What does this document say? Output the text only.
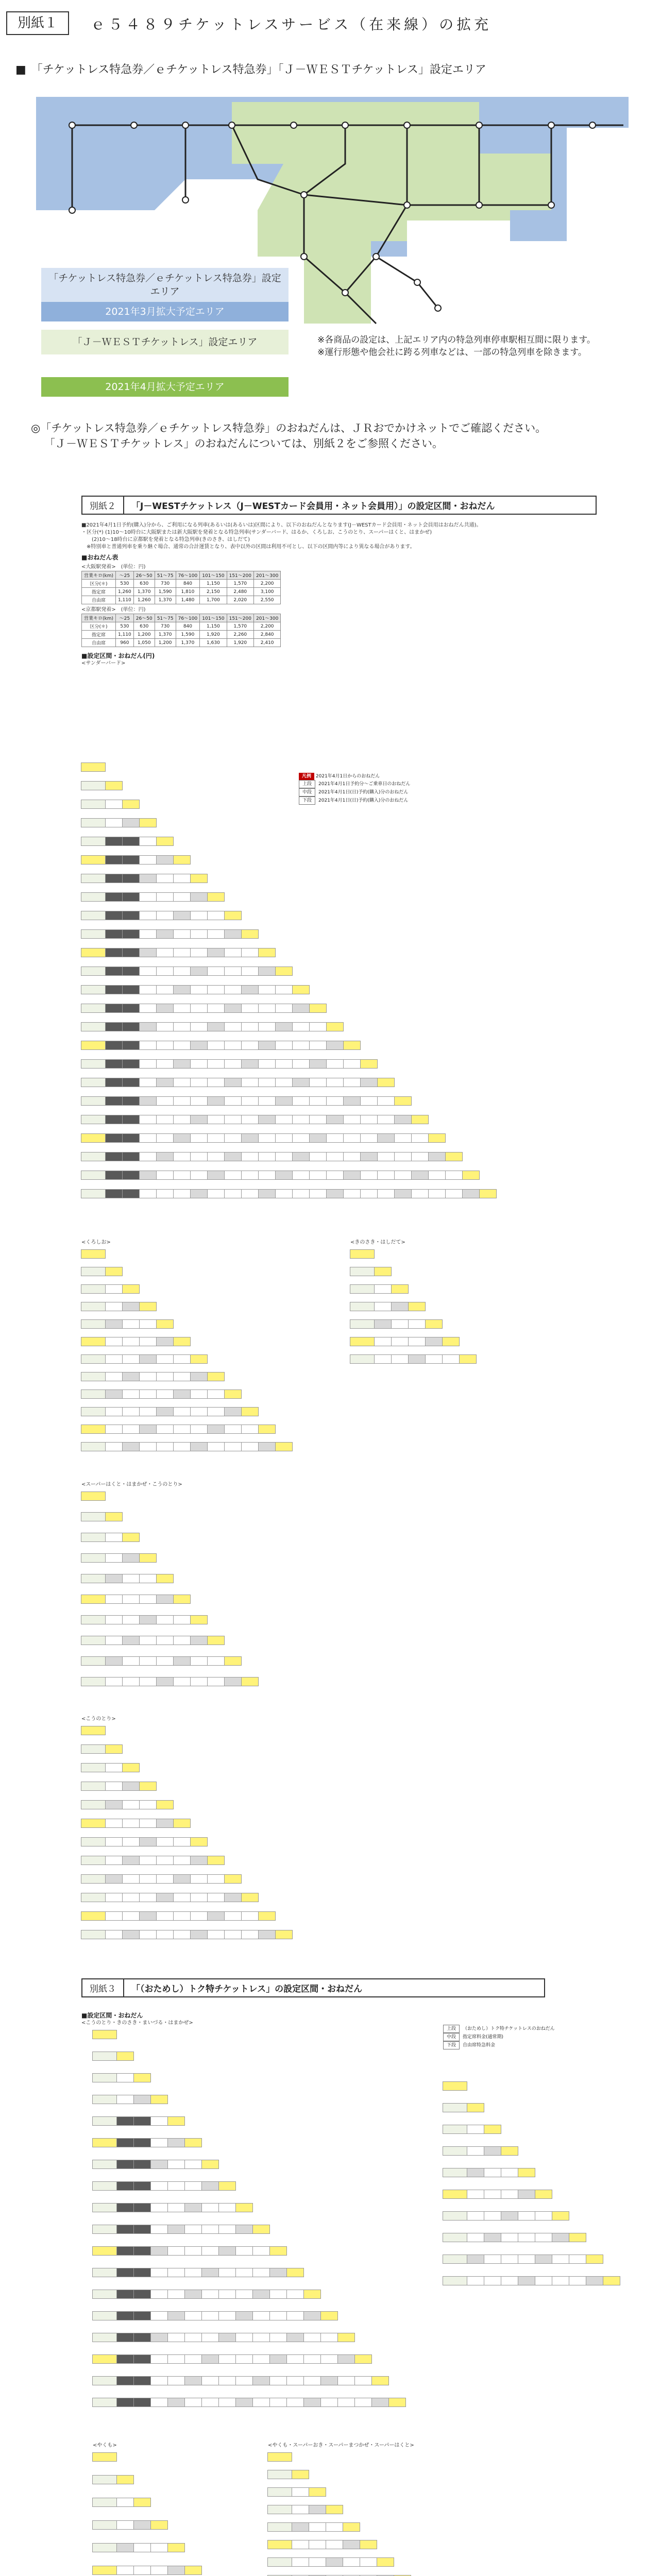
別紙１	ｅ５４８９チケットレスサービス（在来線）の拡充
■ 「チケットレス特急券／ｅチケットレス特急券」「Ｊ－ＷＥＳＴチケットレス」設定エリア
「チケットレス特急券／ｅチケットレス特急券」設定エリア
2021年3月拡大予定エリア
「Ｊ－ＷＥＳＴチケットレス」設定エリア	※各商品の設定は、上記エリア内の特急列車停車駅相互間に限ります。
※運行形態や他会社に跨る列車などは、一部の特急列車を除きます。
2021年4月拡大予定エリア
◎「チケットレス特急券／ｅチケットレス特急券」のおねだんは、ＪＲおでかけネットでご確認ください。
「Ｊ－ＷＥＳＴチケットレス」のおねだんについては、別紙２をご参照ください。
別紙２	「J－WESTチケットレス（J－WESTカード会員用・ネット会員用）」の設定区間・おねだん
■2021年4月1日予約(購入)分から、ご利用になる列車(あるいは(あるいは)区間により、以下のおねだんとなります(J－WESTカード会員用・ネット会員用はおねだん共通)。
・区分(*) (1)10～10時台に大阪駅または新大阪駅を発着となる特急列車(サンダーバード、はるか、くろしお、こうのとり、スーパーはくと、はまかぜ)
　　(2)10～18時台に京都駅を発着となる特急列車(きのさき、はしだて)
　※特別車と普通列車を乗り継ぐ場合、通常の合計運賃となり、表中以外の区間は利用不可とし、以下の区間内等により異なる場合があります。
■おねだん表
<大阪駅発着>　(単位：円)
営業キロ(km)	～25	26～50	51～75	76～100	101～150	151～200	201～300
区分(＊)	530	630	730	840	1,150	1,570	2,200
指定席	1,260	1,370	1,590	1,810	2,150	2,480	3,100
自由席	1,110	1,260	1,370	1,480	1,700	2,020	2,550
<京都駅発着>　(単位：円)
営業キロ(km)	～25	26～50	51～75	76～100	101～150	151～200	201～300
区分(＊)	530	630	730	840	1,150	1,570	2,200
指定席	1,110	1,200	1,370	1,590	1,920	2,260	2,840
自由席	960	1,050	1,200	1,370	1,630	1,920	2,410
■設定区間・おねだん(円)
<サンダーバード>
凡例 2021年4月1日からのおねだん
上段 2021年4月1日予約分〜ご乗車日のおねだん
中段 2021年4月1日(日)予約(購入)分のおねだん
下段 2021年4月1日(日)予約(購入)分のおねだん
<くろしお>	<きのさき・はしだて>
<スーパーはくと・はまかぜ・こうのとり>
<こうのとり>
別紙３	「（おためし）トク特チケットレス」の設定区間・おねだん
■設定区間・おねだん
<こうのとり・きのさき・まいづる・はまかぜ>
上段 （おためし）トク特チケットレスのおねだん
中段 指定席料金(通常期)
下段 自由席特急料金
<やくも>	<やくも・スーパーおき・スーパーまつかぜ・スーパーはくと>
